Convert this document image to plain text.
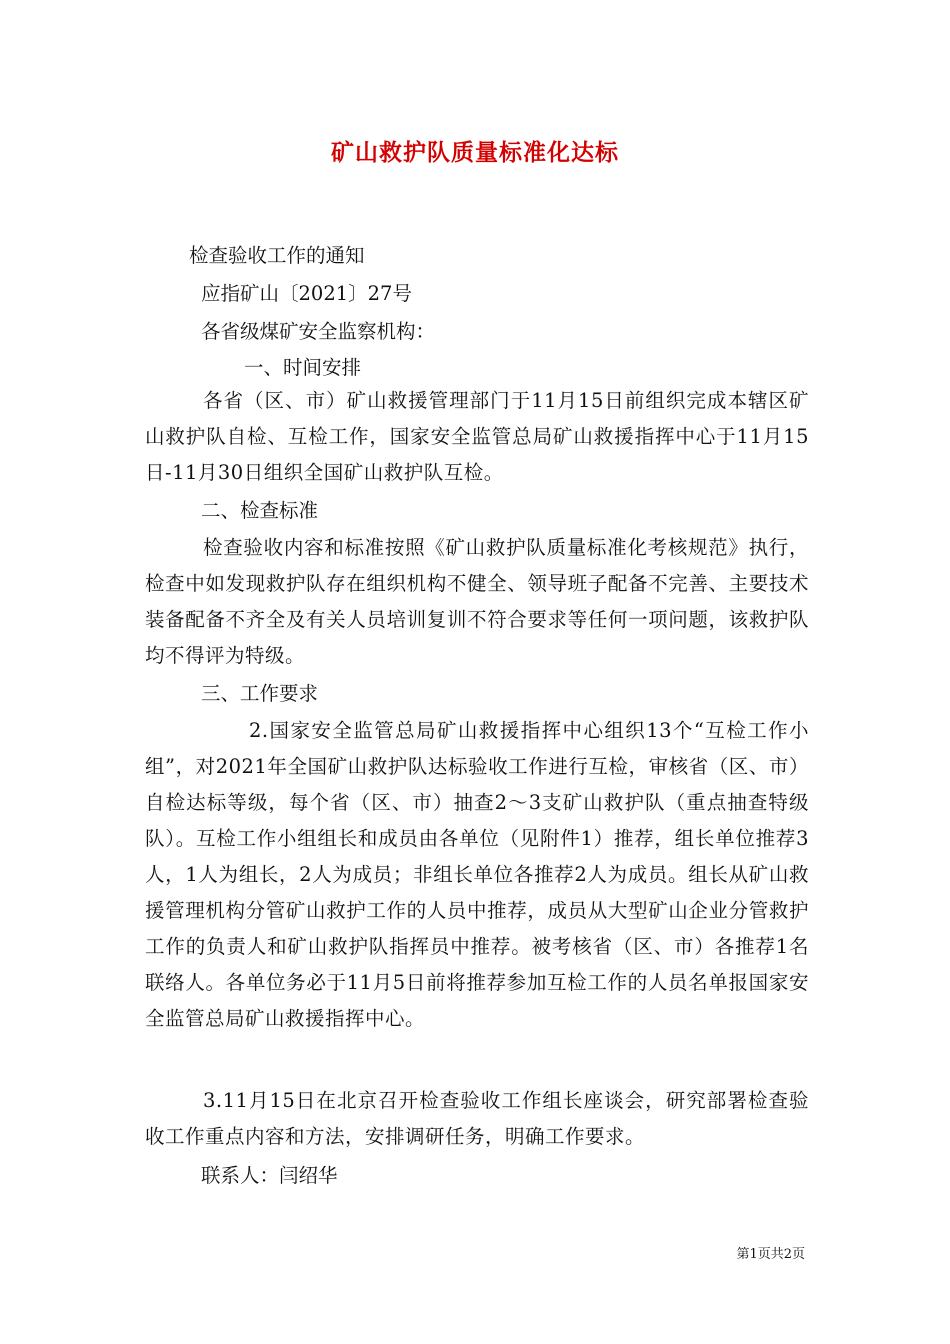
矿山救护队质量标准化达标
检查验收工作的通知
应指矿山〔2021〕27号
各省级煤矿安全监察机构：
一、时间安排
各省（区、市）矿山救援管理部门于11月15日前组织完成本辖区矿山救护队自检、互检工作，国家安全监管总局矿山救援指挥中心于11月15日-11月30日组织全国矿山救护队互检。
二、检查标准
检查验收内容和标准按照《矿山救护队质量标准化考核规范》执行，检查中如发现救护队存在组织机构不健全、领导班子配备不完善、主要技术装备配备不齐全及有关人员培训复训不符合要求等任何一项问题，该救护队均不得评为特级。
三、工作要求
2.国家安全监管总局矿山救援指挥中心组织13个“互检工作小组”，对2021年全国矿山救护队达标验收工作进行互检，审核省（区、市）自检达标等级，每个省（区、市）抽查2～3支矿山救护队（重点抽查特级队）。互检工作小组组长和成员由各单位（见附件1）推荐，组长单位推荐3人，1人为组长，2人为成员；非组长单位各推荐2人为成员。组长从矿山救援管理机构分管矿山救护工作的人员中推荐，成员从大型矿山企业分管救护工作的负责人和矿山救护队指挥员中推荐。被考核省（区、市）各推荐1名联络人。各单位务必于11月5日前将推荐参加互检工作的人员名单报国家安全监管总局矿山救援指挥中心。
3.11月15日在北京召开检查验收工作组长座谈会，研究部署检查验收工作重点内容和方法，安排调研任务，明确工作要求。
联系人：闫绍华
第1页共2页
